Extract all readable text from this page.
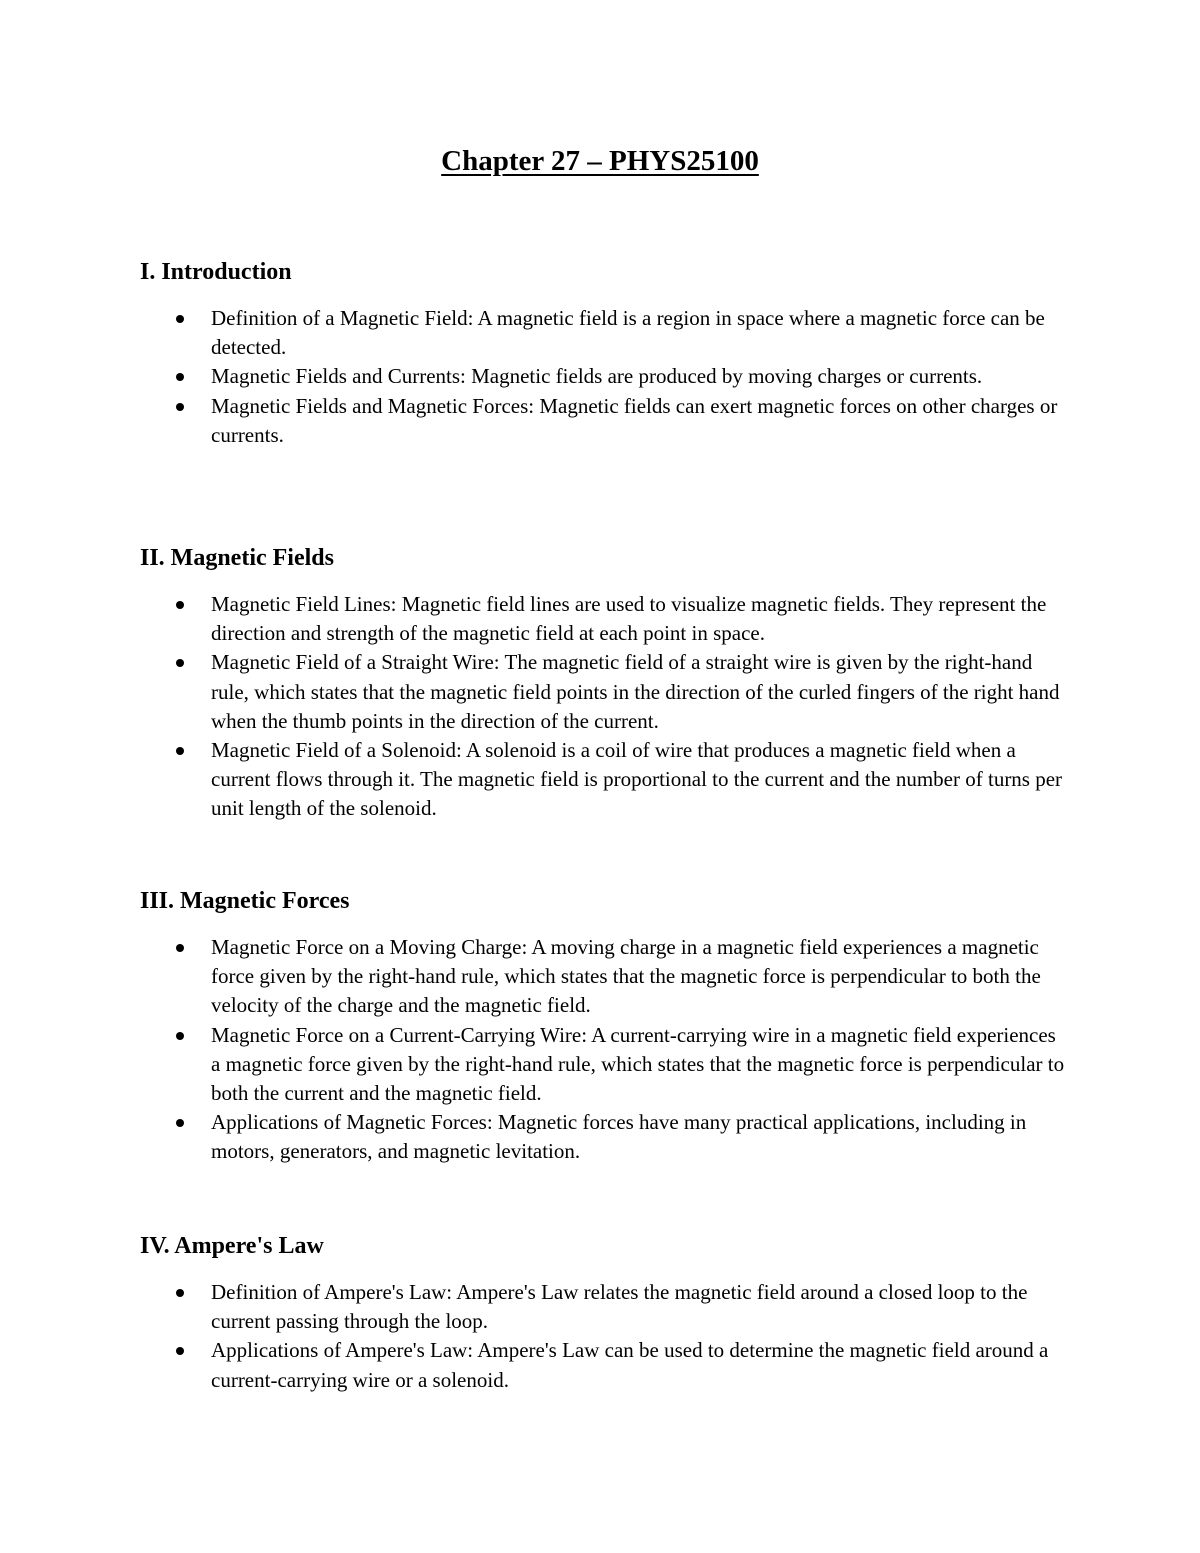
Chapter 27 – PHYS25100
I. Introduction
Definition of a Magnetic Field: A magnetic field is a region in space where a magnetic force can be detected.
Magnetic Fields and Currents: Magnetic fields are produced by moving charges or currents.
Magnetic Fields and Magnetic Forces: Magnetic fields can exert magnetic forces on other charges or currents.
II. Magnetic Fields
Magnetic Field Lines: Magnetic field lines are used to visualize magnetic fields. They represent the direction and strength of the magnetic field at each point in space.
Magnetic Field of a Straight Wire: The magnetic field of a straight wire is given by the right-hand rule, which states that the magnetic field points in the direction of the curled fingers of the right hand when the thumb points in the direction of the current.
Magnetic Field of a Solenoid: A solenoid is a coil of wire that produces a magnetic field when a current flows through it. The magnetic field is proportional to the current and the number of turns per unit length of the solenoid.
III. Magnetic Forces
Magnetic Force on a Moving Charge: A moving charge in a magnetic field experiences a magnetic force given by the right-hand rule, which states that the magnetic force is perpendicular to both the velocity of the charge and the magnetic field.
Magnetic Force on a Current-Carrying Wire: A current-carrying wire in a magnetic field experiences a magnetic force given by the right-hand rule, which states that the magnetic force is perpendicular to both the current and the magnetic field.
Applications of Magnetic Forces: Magnetic forces have many practical applications, including in motors, generators, and magnetic levitation.
IV. Ampere's Law
Definition of Ampere's Law: Ampere's Law relates the magnetic field around a closed loop to the current passing through the loop.
Applications of Ampere's Law: Ampere's Law can be used to determine the magnetic field around a current-carrying wire or a solenoid.
